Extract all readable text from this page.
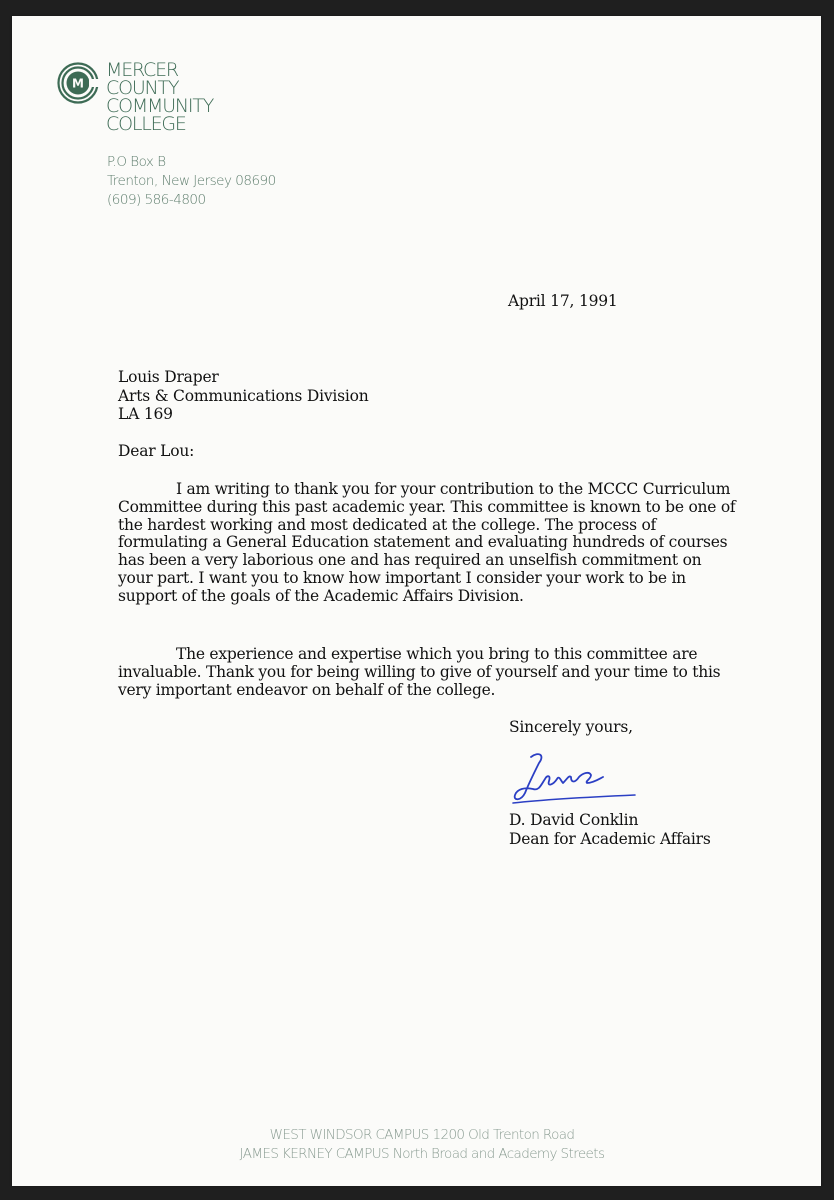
M
MERCER
COUNTY
COMMUNITY
COLLEGE
P.O Box B
Trenton, New Jersey 08690
(609) 586-4800
April 17, 1991
Louis Draper
Arts & Communications Division
LA 169
Dear Lou:
I am writing to thank you for your contribution to the MCCC Curriculum Committee during this past academic year. This committee is known to be one of the hardest working and most dedicated at the college. The process of formulating a General Education statement and evaluating hundreds of courses has been a very laborious one and has required an unselfish commitment on your part. I want you to know how important I consider your work to be in support of the goals of the Academic Affairs Division.
The experience and expertise which you bring to this committee are invaluable. Thank you for being willing to give of yourself and your time to this very important endeavor on behalf of the college.
Sincerely yours,
D. David Conklin
Dean for Academic Affairs
WEST WINDSOR CAMPUS 1200 Old Trenton Road
JAMES KERNEY CAMPUS North Broad and Academy Streets
